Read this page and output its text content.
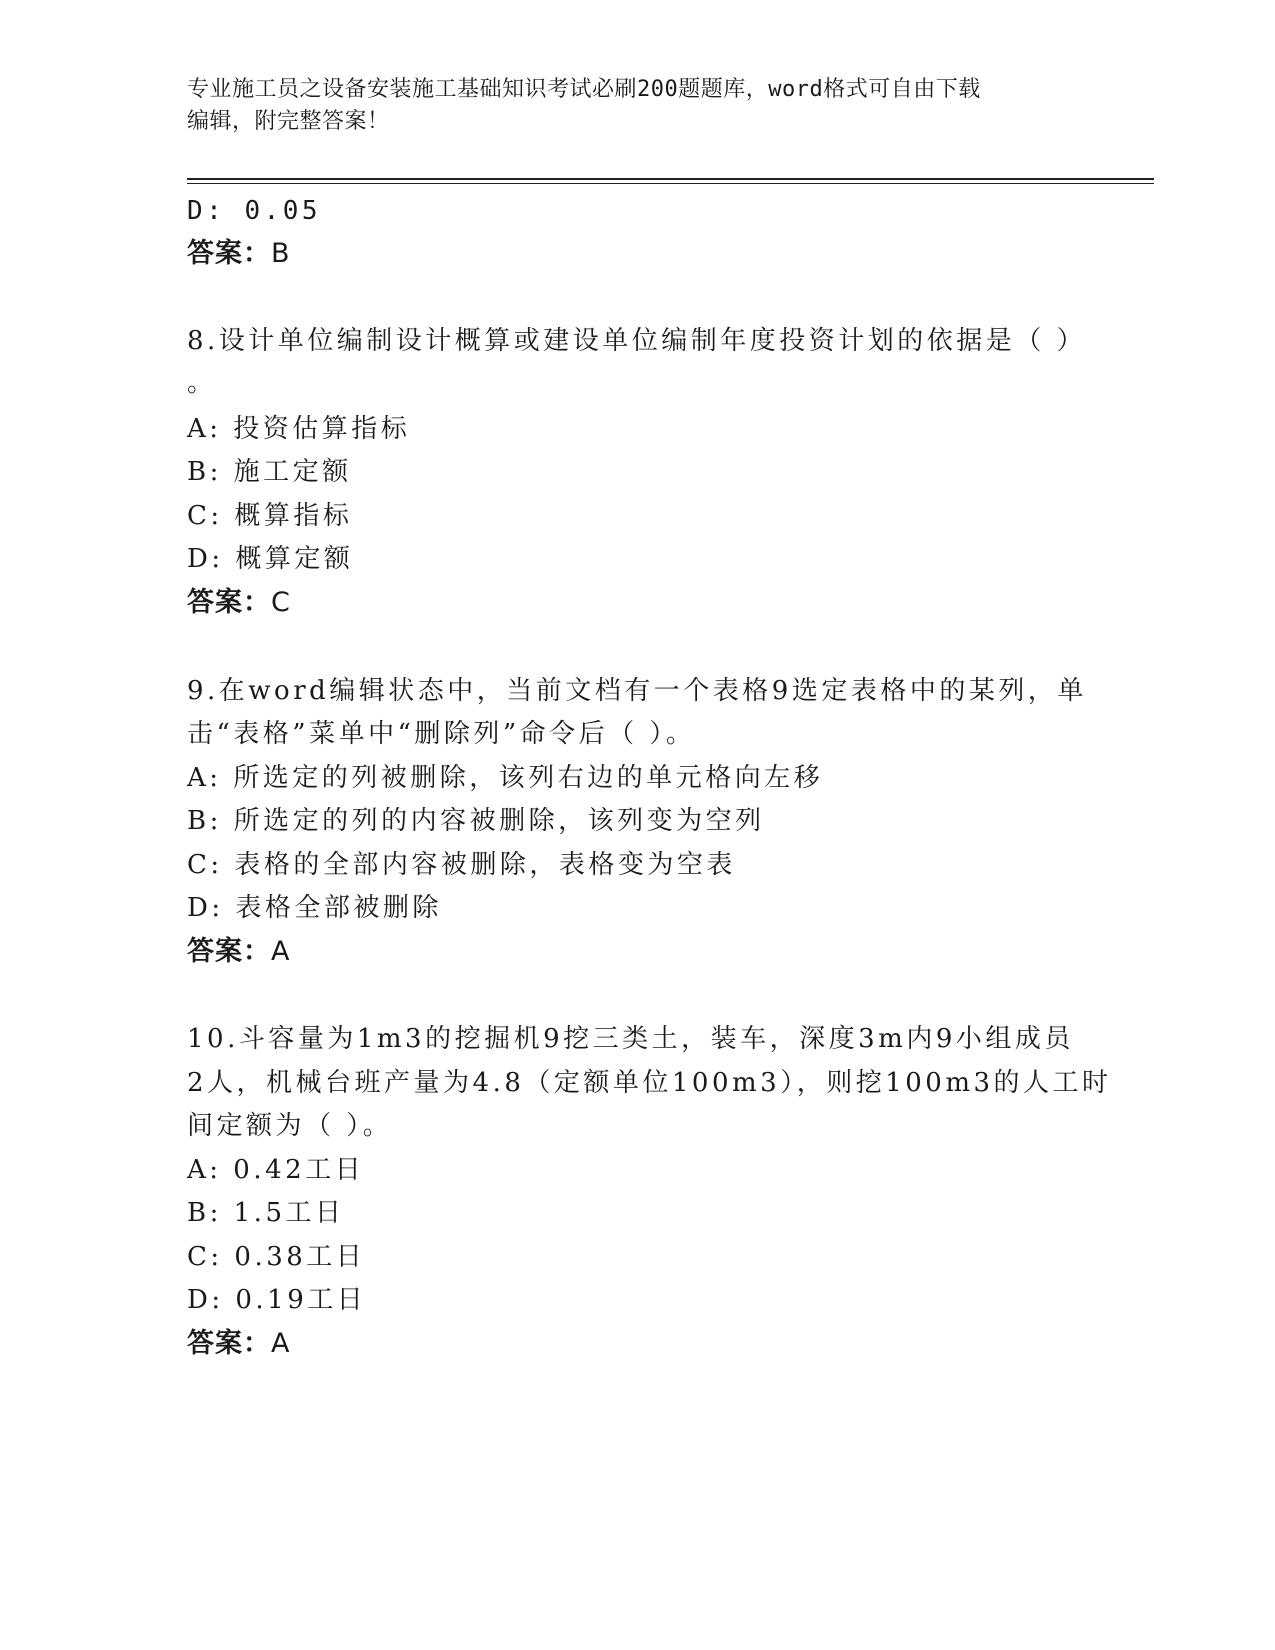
专业施工员之设备安装施工基础知识考试必刷200题题库，word格式可自由下载
编辑，附完整答案！
D: 0.05
答案：B
8.设计单位编制设计概算或建设单位编制年度投资计划的依据是（ ）
。
A: 投资估算指标
B: 施工定额
C: 概算指标
D: 概算定额
答案：C
9.在word编辑状态中，当前文档有一个表格9选定表格中的某列，单
击“表格”菜单中“删除列”命令后（ ）。
A: 所选定的列被删除，该列右边的单元格向左移
B: 所选定的列的内容被删除，该列变为空列
C: 表格的全部内容被删除，表格变为空表
D: 表格全部被删除
答案：A
10.斗容量为1m3的挖掘机9挖三类土，装车，深度3m内9小组成员
2人，机械台班产量为4.8（定额单位100m3），则挖100m3的人工时
间定额为（ ）。
A: 0.42工日
B: 1.5工日
C: 0.38工日
D: 0.19工日
答案：A
